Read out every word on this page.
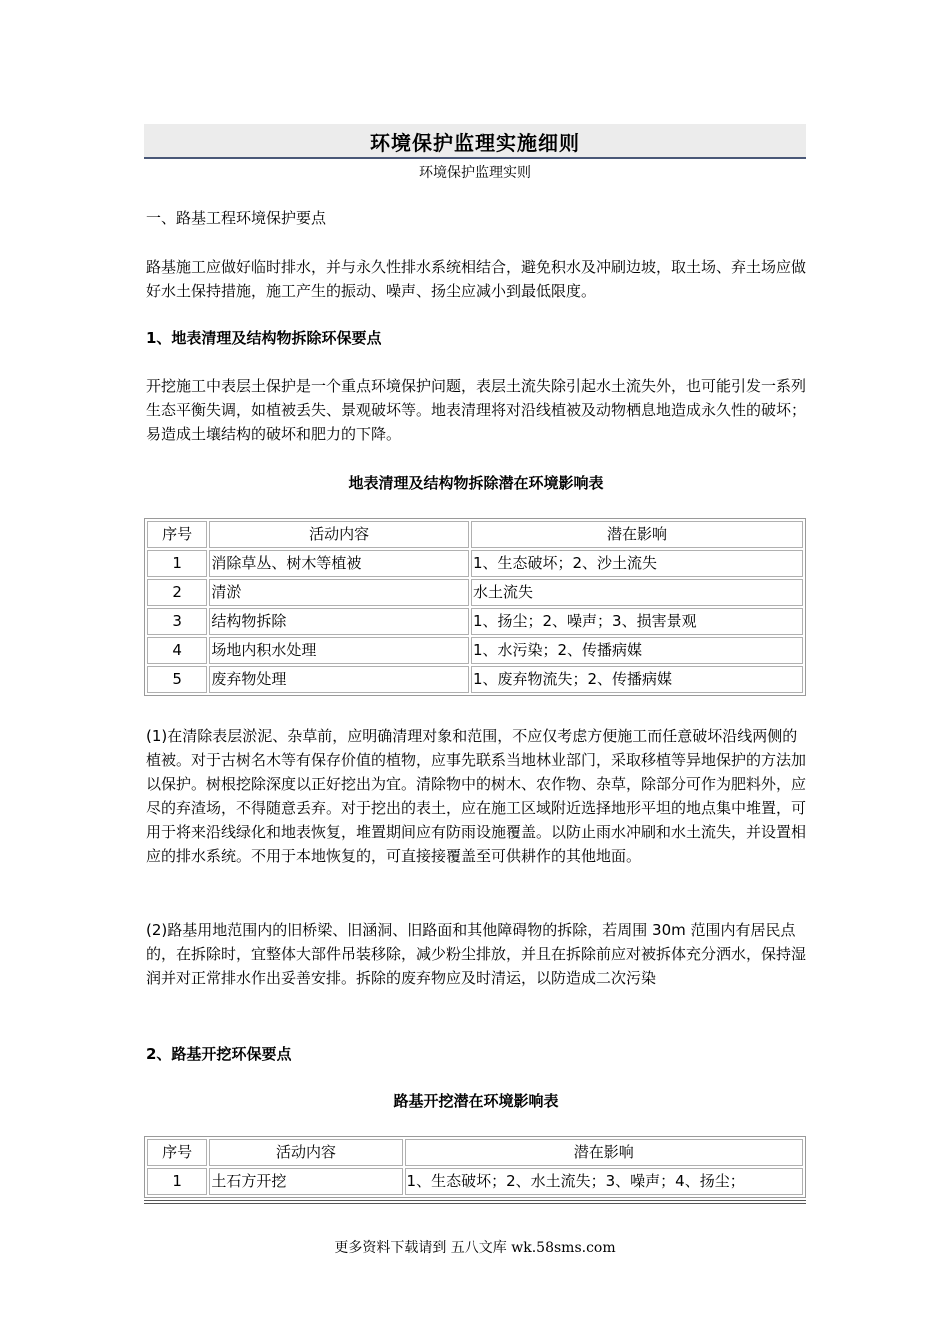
环境保护监理实施细则
环境保护监理实则
一、路基工程环境保护要点
路基施工应做好临时排水，并与永久性排水系统相结合，避免积水及冲刷边坡，取土场、弃土场应做好水土保持措施，施工产生的振动、噪声、扬尘应减小到最低限度。
1、地表清理及结构物拆除环保要点
开挖施工中表层土保护是一个重点环境保护问题，表层土流失除引起水土流失外，也可能引发一系列生态平衡失调，如植被丢失、景观破坏等。地表清理将对沿线植被及动物栖息地造成永久性的破坏；易造成土壤结构的破坏和肥力的下降。
地表清理及结构物拆除潜在环境影响表
序号	活动内容	潜在影响
1	消除草丛、树木等植被	1、生态破坏；2、沙土流失
2	清淤	水土流失
3	结构物拆除	1、扬尘；2、噪声；3、损害景观
4	场地内积水处理	1、水污染；2、传播病媒
5	废弃物处理	1、废弃物流失；2、传播病媒
(1)在清除表层淤泥、杂草前，应明确清理对象和范围，不应仅考虑方便施工而任意破坏沿线两侧的植被。对于古树名木等有保存价值的植物，应事先联系当地林业部门，采取移植等异地保护的方法加以保护。树根挖除深度以正好挖出为宜。清除物中的树木、农作物、杂草，除部分可作为肥料外，应尽的弃渣场，不得随意丢弃。对于挖出的表土，应在施工区域附近选择地形平坦的地点集中堆置，可用于将来沿线绿化和地表恢复，堆置期间应有防雨设施覆盖。以防止雨水冲刷和水土流失，并设置相应的排水系统。不用于本地恢复的，可直接接覆盖至可供耕作的其他地面。
(2)路基用地范围内的旧桥梁、旧涵洞、旧路面和其他障碍物的拆除，若周围 30m 范围内有居民点的，在拆除时，宜整体大部件吊装移除，减少粉尘排放，并且在拆除前应对被拆体充分洒水，保持湿润并对正常排水作出妥善安排。拆除的废弃物应及时清运，以防造成二次污染
2、路基开挖环保要点
路基开挖潜在环境影响表
序号	活动内容	潜在影响
1	土石方开挖	1、生态破坏；2、水土流失；3、噪声；4、扬尘；
更多资料下载请到 五八文库 wk.58sms.com
